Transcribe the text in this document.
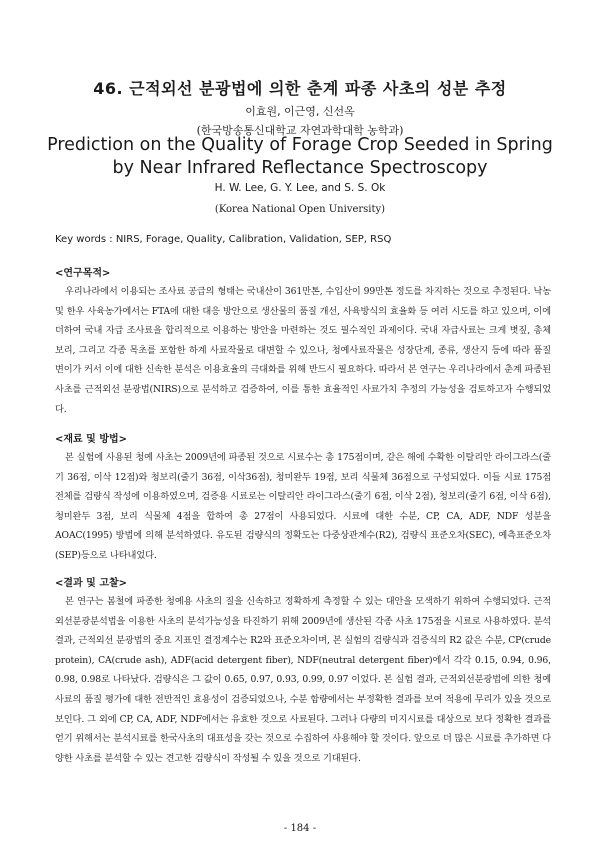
46. 근적외선 분광법에 의한 춘계 파종 사초의 성분 추정
이효원, 이근영, 신선옥
(한국방송통신대학교 자연과학대학 농학과)
Prediction on the Quality of Forage Crop Seeded in Spring
by Near Infrared Reflectance Spectroscopy
H. W. Lee, G. Y. Lee, and S. S. Ok
(Korea National Open University)
Key words : NIRS, Forage, Quality, Calibration, Validation, SEP, RSQ
<연구목적>

우리나라에서 이용되는 조사료 공급의 형태는 국내산이 361만톤, 수입산이 99만톤 정도를 차지하는 것으로 추정된다. 낙농 및 한우 사육농가에서는 FTA에 대한 대응 방안으로 생산물의 품질 개선, 사육방식의 효율화 등 여러 시도를 하고 있으며, 이에 더하여 국내 자급 조사료을 합리적으로 이용하는 방안을 마련하는 것도 필수적인 과제이다. 국내 자급사료는 크게 볏짚, 총체 보리, 그리고 각종 목초를 포함한 하계 사료작물로 대변할 수 있으나, 청예사료작물은 성장단계, 종류, 생산지 등에 따라 품질 변이가 커서 이에 대한 신속한 분석은 이용효율의 극대화를 위해 반드시 필요하다. 따라서 본 연구는 우리나라에서 춘계 파종된 사초를 근적외선 분광법(NIRS)으로 분석하고 검증하여, 이를 통한 효율적인 사료가치 추정의 가능성을 검토하고자 수행되었다.

<재료 및 방법>

본 실험에 사용된 청예 사초는 2009년에 파종된 것으로 시료수는 총 175점이며, 같은 해에 수확한 이탈리안 라이그라스(줄기 36점, 이삭 12점)와 청보리(줄기 36점, 이삭36점), 청미완두 19점, 보리 식물체 36점으로 구성되었다. 이들 시료 175점 전체를 검량식 작성에 이용하였으며, 검증용 시료로는 이탈리안 라이그라스(줄기 6점, 이삭 2점), 청보리(줄기 6점, 이삭 6점), 청미완두 3점, 보리 식물체 4점을 합하여 총 27점이 사용되었다. 시료에 대한 수분, CP, CA, ADF, NDF 성분을 AOAC(1995) 방법에 의해 분석하였다. 유도된 검량식의 정확도는 다중상관계수(R2), 검량식 표준오차(SEC), 예측표준오차(SEP)등으로 나타내었다.

<결과 및 고찰>

본 연구는 봄철에 파종한 청예용 사초의 질을 신속하고 정확하게 측정할 수 있는 대안을 모색하기 위하여 수행되었다. 근적외선분광분석법을 이용한 사초의 분석가능성을 타진하기 위해 2009년에 생산된 각종 사초 175점을 시료로 사용하였다. 분석 결과, 근적외선 분광법의 중요 지표인 결정계수는 R2와 표준오차이며, 본 실험의 검량식과 검증식의 R2 값은 수분, CP(crude protein), CA(crude ash), ADF(acid detergent fiber), NDF(neutral detergent fiber)에서 각각 0.15, 0.94, 0.96, 0.98, 0.98로 나타났다. 검량식은 그 값이 0.65, 0.97, 0.93, 0.99, 0.97 이었다. 본 실험 결과, 근적외선분광법에 의한 청예사료의 품질 평가에 대한 전반적인 효용성이 검증되었으나, 수분 함량에서는 부정확한 결과를 보여 적용에 무리가 있을 것으로 보인다. 그 외에 CP, CA, ADF, NDF에서는 유효한 것으로 사료된다. 그러나 다량의 미지시료를 대상으로 보다 정확한 결과를 얻기 위해서는 분석시료를 한국사초의 대표성을 갖는 것으로 수집하여 사용해야 할 것이다. 앞으로 더 많은 시료를 추가하면 다양한 사초를 분석할 수 있는 견고한 검량식이 작성될 수 있을 것으로 기대된다.

- 184 -
